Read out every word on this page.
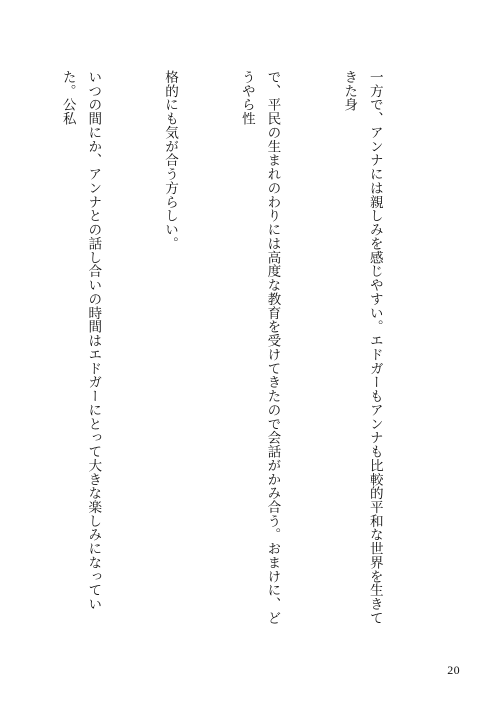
一方で、アンナには親しみを感じやすい。エドガーもアンナも比較的平和な世界を生きてきた身

で、平民の生まれのわりには高度な教育を受けてきたので会話がかみ合う。おまけに、どうやら性

格的にも気が合う方らしい。

いつの間にか、アンナとの話し合いの時間はエドガーにとって大きな楽しみになっていた。公私

20
